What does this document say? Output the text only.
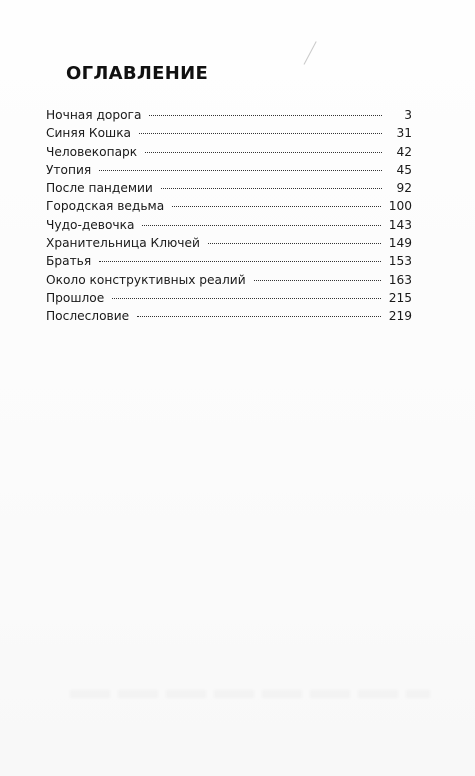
ОГЛАВЛЕНИЕ
Ночная дорога	3
Синяя Кошка	31
Человекопарк	42
Утопия	45
После пандемии	92
Городская ведьма	100
Чудо-девочка	143
Хранительница Ключей	149
Братья	153
Около конструктивных реалий	163
Прошлое	215
Послесловие	219
